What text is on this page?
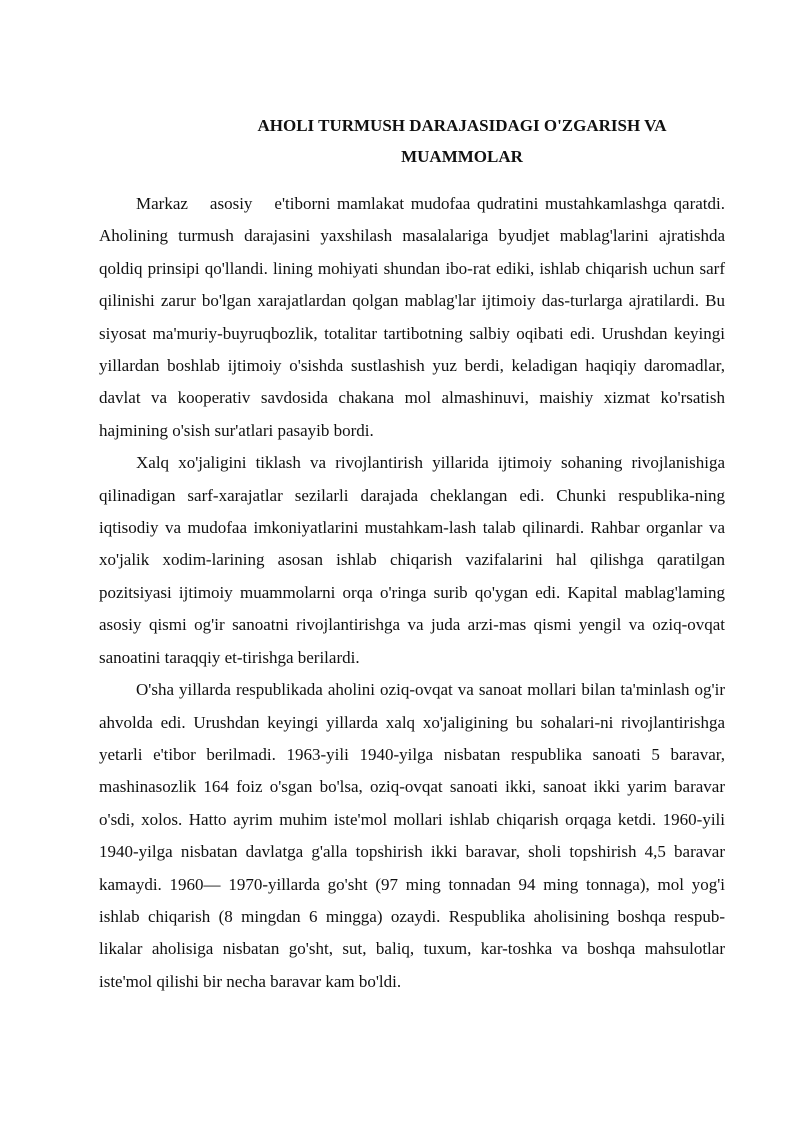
AHOLI TURMUSH DARAJASIDAGI O'ZGARISH VA
MUAMMOLAR

Markaz asosiy e'tiborni mamlakat mudofaa qudratini mustahkamlashga qaratdi. Aholining turmush darajasini yaxshilash masalalariga byudjet mablag'larini ajratishda qoldiq prinsipi qo'llandi. lining mohiyati shundan ibo-rat ediki, ishlab chiqarish uchun sarf qilinishi zarur bo'lgan xarajatlardan qolgan mablag'lar ijtimoiy das-turlarga ajratilardi. Bu siyosat ma'muriy-buyruqbozlik, totalitar tartibotning salbiy oqibati edi. Urushdan keyingi yillardan boshlab ijtimoiy o'sishda sustlashish yuz berdi, keladigan haqiqiy daromadlar, davlat va kooperativ savdosida chakana mol almashinuvi, maishiy xizmat ko'rsatish hajmining o'sish sur'atlari pasayib bordi.

Xalq xo'jaligini tiklash va rivojlantirish yillarida ijtimoiy sohaning rivojlanishiga qilinadigan sarf-xarajatlar sezilarli darajada cheklangan edi. Chunki respublika-ning iqtisodiy va mudofaa imkoniyatlarini mustahkam-lash talab qilinardi. Rahbar organlar va xo'jalik xodim-larining asosan ishlab chiqarish vazifalarini hal qilishga qaratilgan pozitsiyasi ijtimoiy muammolarni orqa o'ringa surib qo'ygan edi. Kapital mablag'laming asosiy qismi og'ir sanoatni rivojlantirishga va juda arzi-mas qismi yengil va oziq-ovqat sanoatini taraqqiy et-tirishga berilardi.

O'sha yillarda respublikada aholini oziq-ovqat va sanoat mollari bilan ta'minlash og'ir ahvolda edi. Urushdan keyingi yillarda xalq xo'jaligining bu sohalari-ni rivojlantirishga yetarli e'tibor berilmadi. 1963-yili 1940-yilga nisbatan respublika sanoati 5 baravar, mashinasozlik 164 foiz o'sgan bo'lsa, oziq-ovqat sanoati ikki, sanoat ikki yarim baravar o'sdi, xolos. Hatto ayrim muhim iste'mol mollari ishlab chiqarish orqaga ketdi. 1960-yili 1940-yilga nisbatan davlatga g'alla topshirish ikki baravar, sholi topshirish 4,5 baravar kamaydi. 1960— 1970-yillarda go'sht (97 ming tonnadan 94 ming tonnaga), mol yog'i ishlab chiqarish (8 mingdan 6 mingga) ozaydi. Respublika aholisining boshqa respub-likalar aholisiga nisbatan go'sht, sut, baliq, tuxum, kar-toshka va boshqa mahsulotlar iste'mol qilishi bir necha baravar kam bo'ldi.
